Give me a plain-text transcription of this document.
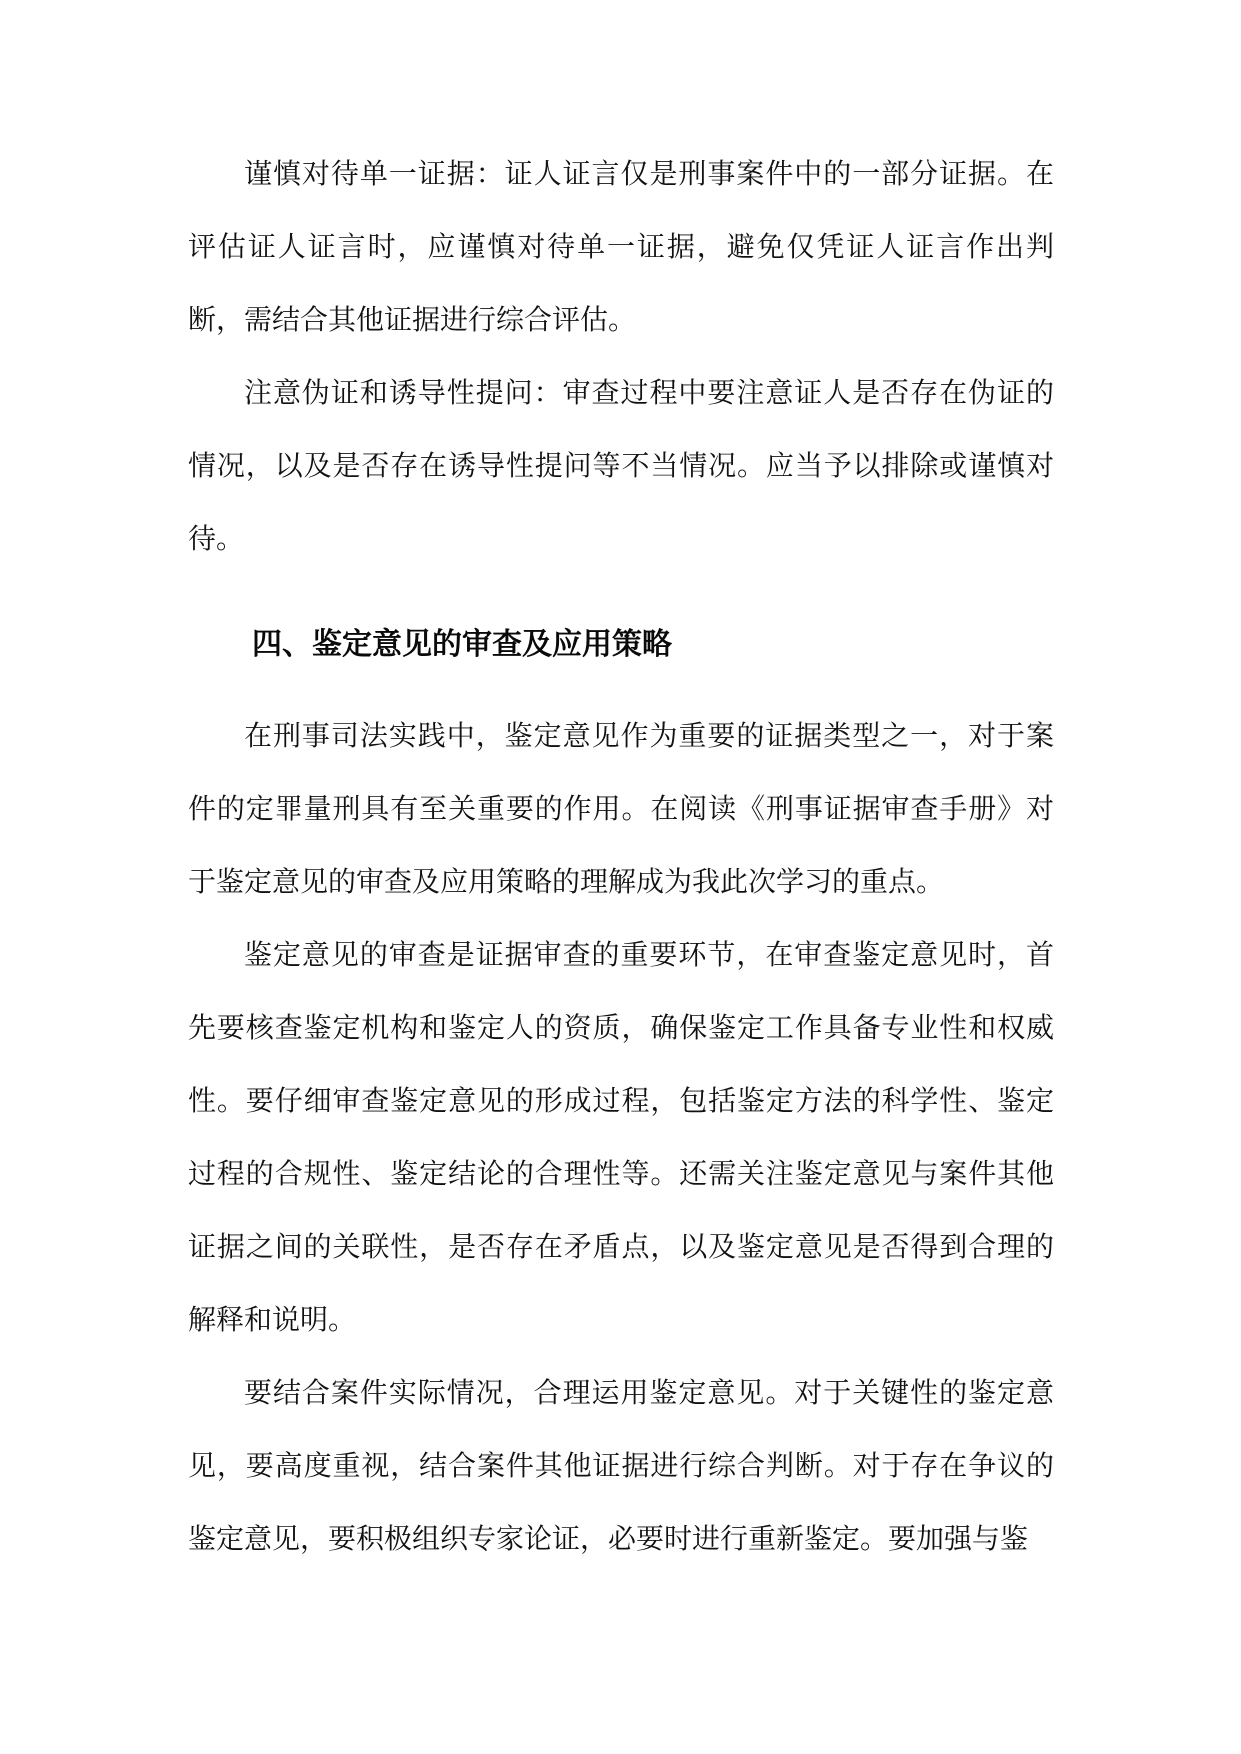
谨慎对待单一证据：证人证言仅是刑事案件中的一部分证据。在评估证人证言时，应谨慎对待单一证据，避免仅凭证人证言作出判断，需结合其他证据进行综合评估。

注意伪证和诱导性提问：审查过程中要注意证人是否存在伪证的情况，以及是否存在诱导性提问等不当情况。应当予以排除或谨慎对待。

四、鉴定意见的审查及应用策略

在刑事司法实践中，鉴定意见作为重要的证据类型之一，对于案件的定罪量刑具有至关重要的作用。在阅读《刑事证据审查手册》对于鉴定意见的审查及应用策略的理解成为我此次学习的重点。

鉴定意见的审查是证据审查的重要环节，在审查鉴定意见时，首先要核查鉴定机构和鉴定人的资质，确保鉴定工作具备专业性和权威性。要仔细审查鉴定意见的形成过程，包括鉴定方法的科学性、鉴定过程的合规性、鉴定结论的合理性等。还需关注鉴定意见与案件其他证据之间的关联性，是否存在矛盾点，以及鉴定意见是否得到合理的解释和说明。

要结合案件实际情况，合理运用鉴定意见。对于关键性的鉴定意见，要高度重视，结合案件其他证据进行综合判断。对于存在争议的鉴定意见，要积极组织专家论证，必要时进行重新鉴定。要加强与鉴
